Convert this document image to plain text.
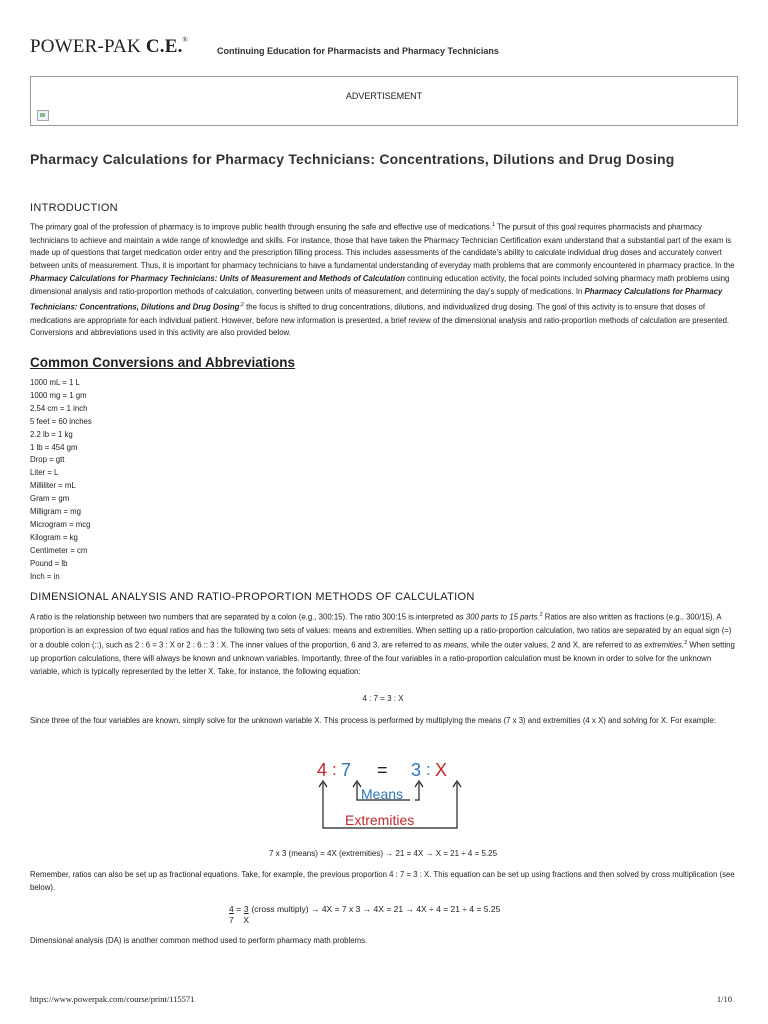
POWER-PAK C.E.®
Continuing Education for Pharmacists and Pharmacy Technicians
ADVERTISEMENT
Pharmacy Calculations for Pharmacy Technicians: Concentrations, Dilutions and Drug Dosing
INTRODUCTION

The primary goal of the profession of pharmacy is to improve public health through ensuring the safe and effective use of medications.$^1$ The pursuit of this goal requires pharmacists and pharmacy technicians to achieve and maintain a wide range of knowledge and skills. For instance, those that have taken the Pharmacy Technician Certification exam understand that a substantial part of the exam is made up of questions that target medication order entry and the prescription filling process. This includes assessments of the candidate's ability to calculate individual drug doses and accurately convert between units of measurement. Thus, it is important for pharmacy technicians to have a fundamental understanding of everyday math problems that are commonly encountered in pharmacy practice. In the Pharmacy Calculations for Pharmacy Technicians: Units of Measurement and Methods of Calculation continuing education activity, the focal points included solving pharmacy math problems using dimensional analysis and ratio-proportion methods of calculation, converting between units of measurement, and determining the day's supply of medications. In Pharmacy Calculations for Pharmacy Technicians: Concentrations, Dilutions and Drug Dosing$^{,2}$ the focus is shifted to drug concentrations, dilutions, and individualized drug dosing. The goal of this activity is to ensure that doses of medications are appropriate for each individual patient. However, before new information is presented, a brief review of the dimensional analysis and ratio-proportion methods of calculation are presented. Conversions and abbreviations used in this activity are also provided below.

Common Conversions and Abbreviations
1000 mL = 1 L
1000 mg = 1 gm
2.54 cm = 1 inch
5 feet = 60 inches
2.2 lb = 1 kg
1 lb = 454 gm
Drop = gtt
Liter = L
Milliliter = mL
Gram = gm
Milligram = mg
Microgram = mcg
Kilogram = kg
Centimeter = cm
Pound = lb
Inch = in
DIMENSIONAL ANALYSIS AND RATIO-PROPORTION METHODS OF CALCULATION

A ratio is the relationship between two numbers that are separated by a colon (e.g., 300:15). The ratio 300:15 is interpreted as 300 parts to 15 parts.$^2$ Ratios are also written as fractions (e.g., 300/15). A proportion is an expression of two equal ratios and has the following two sets of values: means and extremities. When setting up a ratio-proportion calculation, two ratios are separated by an equal sign (=) or a double colon (::), such as 2 : 6 = 3 : X or 2 : 6 :: 3 : X. The inner values of the proportion, 6 and 3, are referred to as means, while the outer values, 2 and X, are referred to as extremities.$^2$ When setting up proportion calculations, there will always be known and unknown variables. Importantly, three of the four variables in a ratio-proportion calculation must be known in order to solve for the unknown variable, which is typically represented by the letter X. Take, for instance, the following equation:

4 : 7 = 3 : X

Since three of the four variables are known, simply solve for the unknown variable X. This process is performed by multiplying the means (7 x 3) and extremities (4 x X) and solving for X. For example:

4 : 7 = 3 : X
Means
Extremities
7 x 3 (means) = 4X (extremities) → 21 = 4X → X = 21 ÷ 4 = 5.25

Remember, ratios can also be set up as fractional equations. Take, for example, the previous proportion 4 : 7 = 3 : X. This equation can be set up using fractions and then solved by cross multiplication (see below).

$\frac{4}{7} = \frac{3}{X}$ (cross multiply) → 4X = 7 x 3 → 4X = 21 → 4X ÷ 4 = 21 ÷ 4 = 5.25

Dimensional analysis (DA) is another common method used to perform pharmacy math problems.

https://www.powerpak.com/course/print/115571	1/10
